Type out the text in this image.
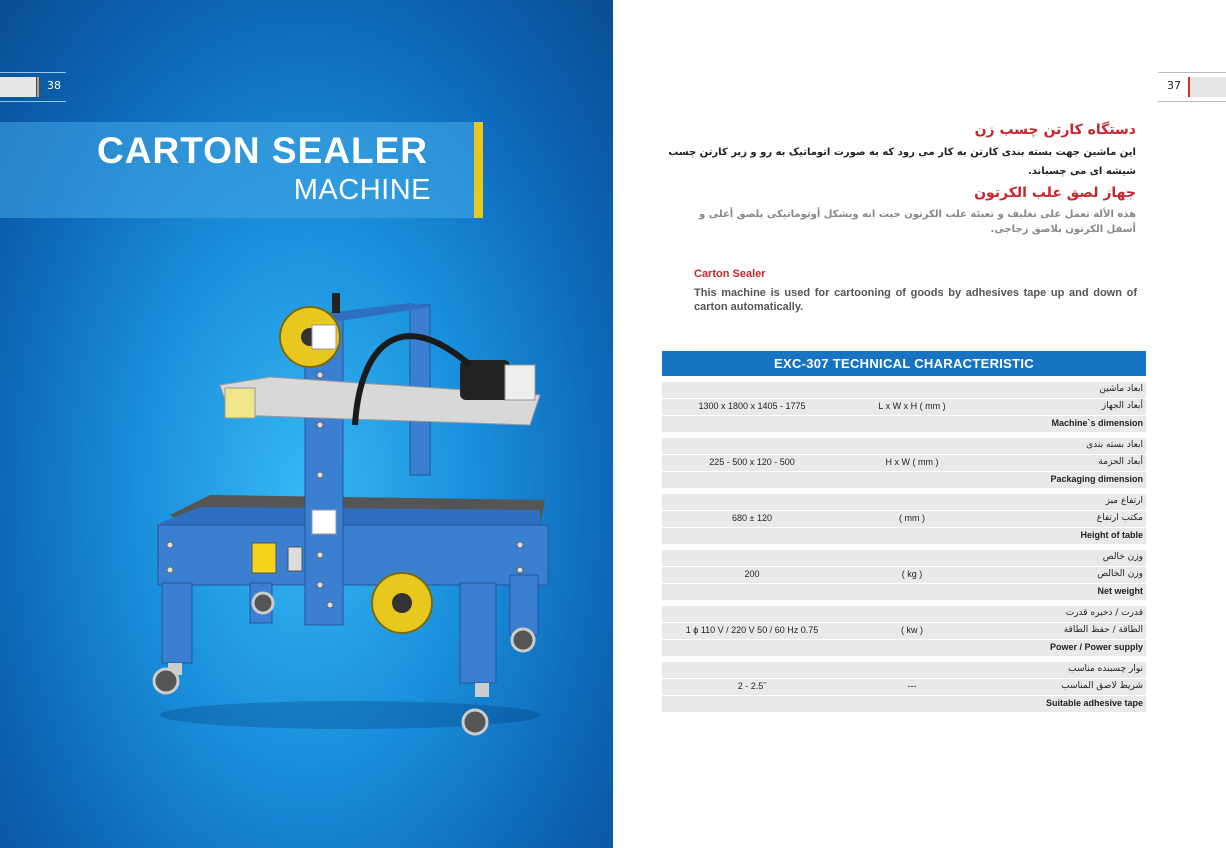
38
CARTON SEALER
MACHINE
37
دستگاه کارتن چسب زن
این ماشین جهت بسته بندی کارتن به کار می رود که به صورت اتوماتیک به رو و زیر کارتن چسب شیشه ای می چسباند.
جهاز لصق علب الکرتون
هذه الألة تعمل علی تغلیف و تعبئة علب الکرتون حیث انه وبشکل أوتوماتیکی یلصق أعلی و أسفل الکرتون بلاصق زجاجی.
Carton Sealer
This machine is used for cartooning of goods by adhesives tape up and down of carton automatically.
EXC-307 TECHNICAL CHARACTERISTIC
ابعاد ماشین
1300 x 1800 x 1405 - 1775	L x W x H ( mm )	أبعاد الجهاز
Machine`s dimension
ابعاد بسته بندی
225 - 500 x 120 - 500	H x W ( mm )	أبعاد الحزمة
Packaging dimension
ارتفاع میز
680 ± 120	( mm )	مکتب ارتفاع
Height of table
وزن خالص
200	( kg )	وزن الخالص
Net weight
قدرت / ذخیره قدرت
1 ϕ 110 V / 220 V 50 / 60 Hz 0.75	( kw )	الطاقة / حفظ الطاقة
Power / Power supply
نوار چسبنده مناسب
2 - 2.5˝	---	شریط لاصق المناسب
Suitable adhesive tape
